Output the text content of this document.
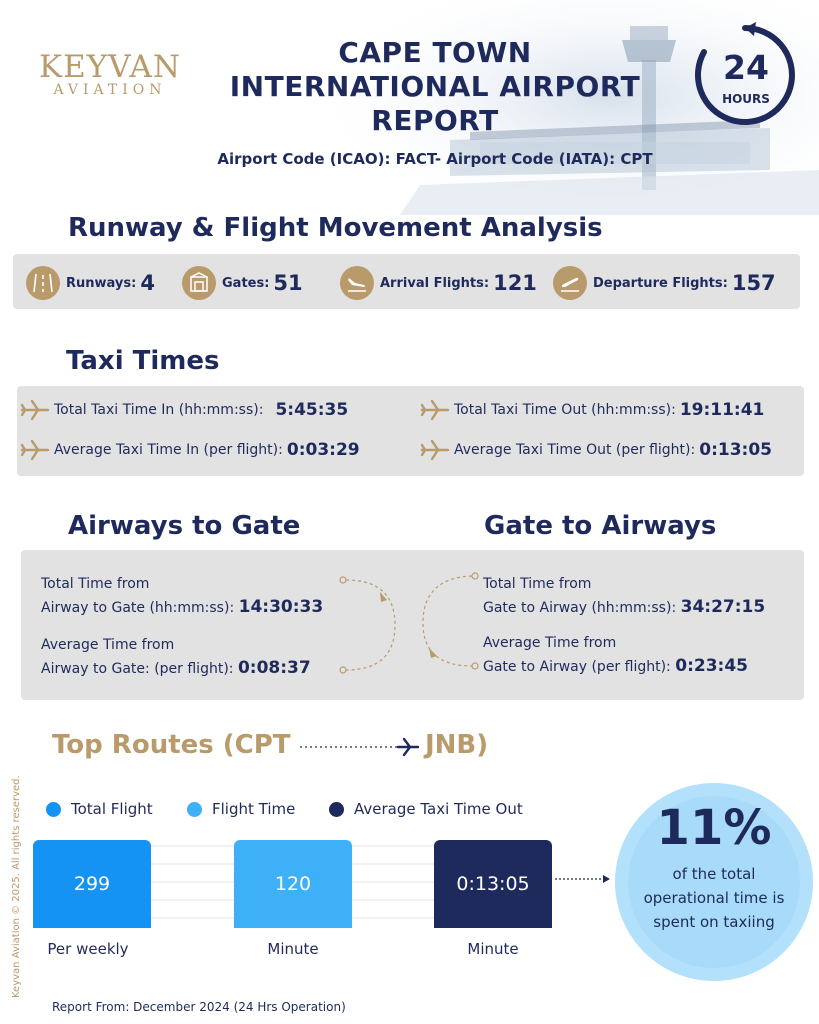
KEYVAN
AVIATION
CAPE TOWN
INTERNATIONAL AIRPORT
REPORT
Airport Code (ICAO): FACT- Airport Code (IATA): CPT
24
HOURS
Runway & Flight Movement Analysis
Runways: 4	Gates: 51	Arrival Flights: 121	Departure Flights: 157
Taxi Times
Total Taxi Time In (hh:mm:ss): 5:45:35
Average Taxi Time In (per flight): 0:03:29
Total Taxi Time Out (hh:mm:ss): 19:11:41
Average Taxi Time Out (per flight): 0:13:05
Airways to Gate	Gate to Airways
Total Time from
Airway to Gate (hh:mm:ss): 14:30:33
Average Time from
Airway to Gate: (per flight): 0:08:37
Total Time from
Gate to Airway (hh:mm:ss): 34:27:15
Average Time from
Gate to Airway (per flight): 0:23:45
Top Routes (CPT	JNB)
Total Flight	Flight Time	Average Taxi Time Out
299	120	0:13:05
Per weekly	Minute	Minute
11%
of the total operational time is spent on taxiing
Keyvan Aviation © 2025. All rights reserved.
Report From: December 2024 (24 Hrs Operation)
